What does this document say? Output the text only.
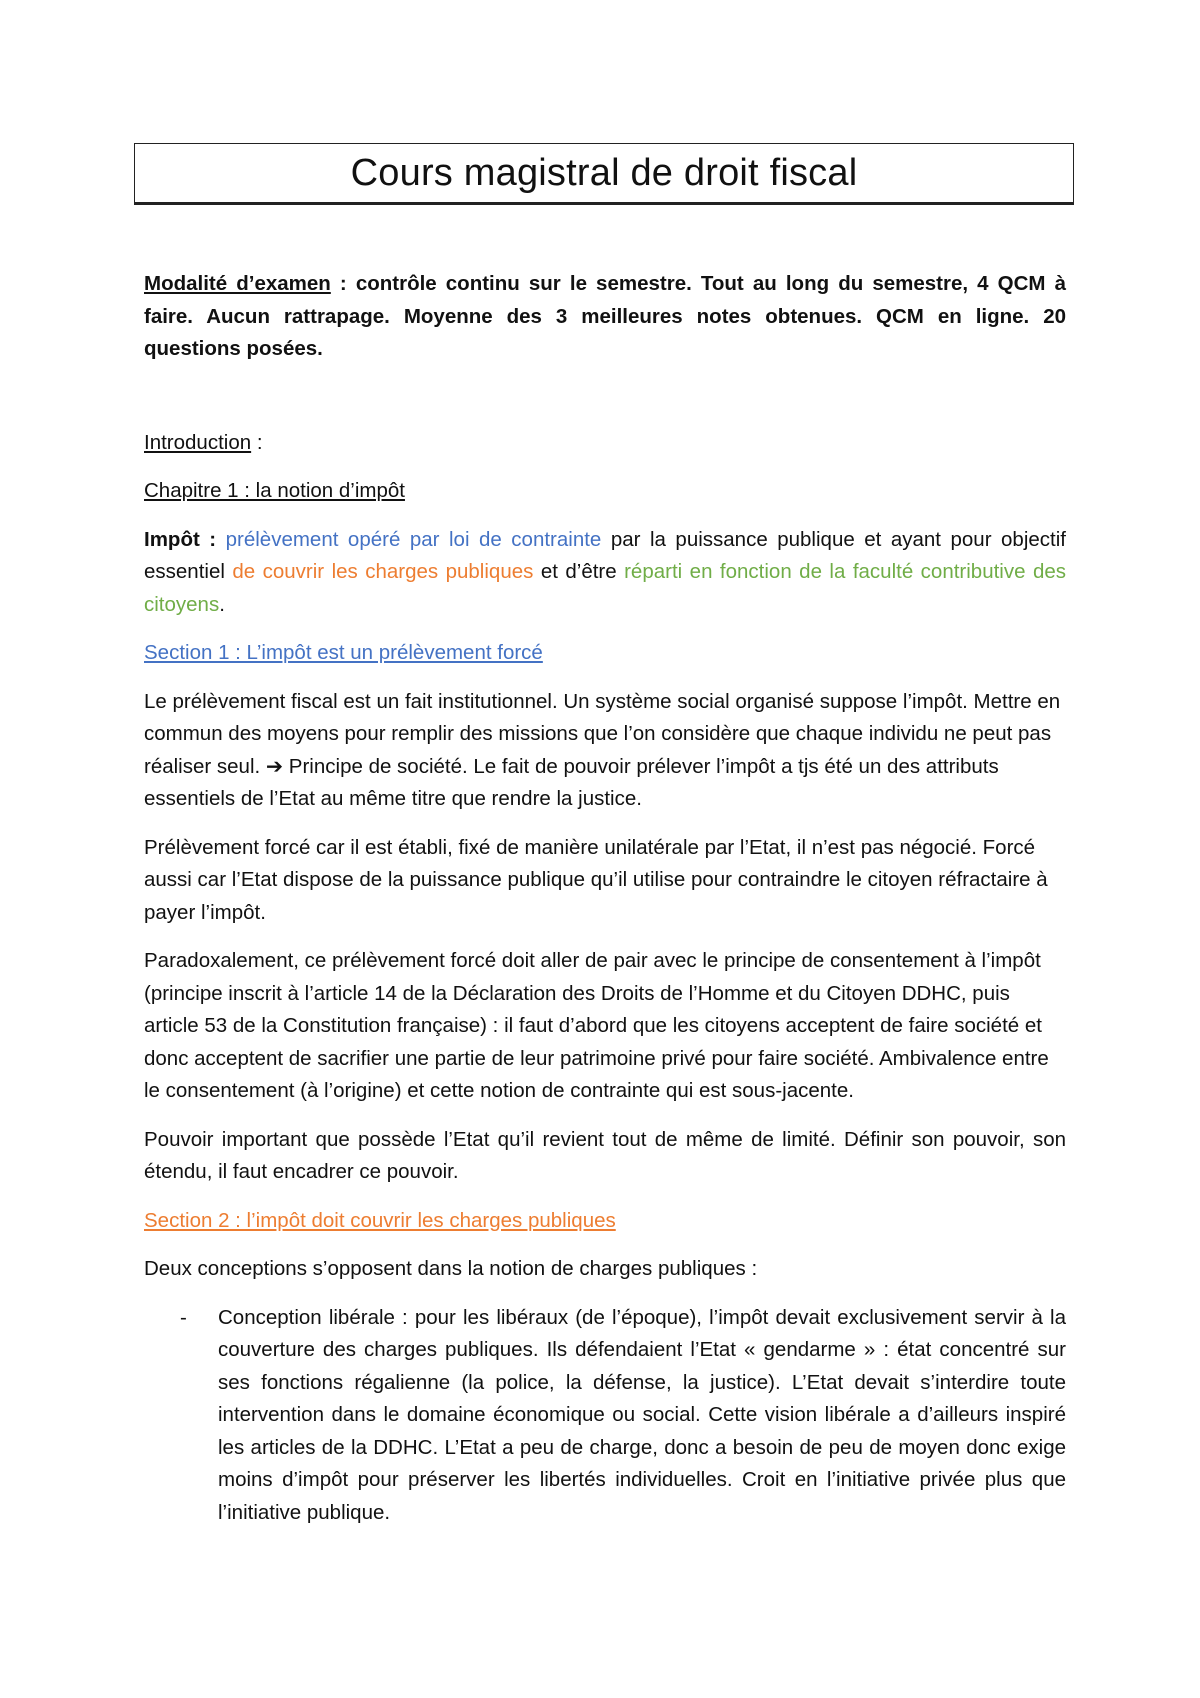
Cours magistral de droit fiscal

Modalité d’examen : contrôle continu sur le semestre. Tout au long du semestre, 4 QCM à faire. Aucun rattrapage. Moyenne des 3 meilleures notes obtenues. QCM en ligne. 20 questions posées.

Introduction :

Chapitre 1 : la notion d’impôt

Impôt : prélèvement opéré par loi de contrainte par la puissance publique et ayant pour objectif essentiel de couvrir les charges publiques et d’être réparti en fonction de la faculté contributive des citoyens.

Section 1 : L’impôt est un prélèvement forcé

Le prélèvement fiscal est un fait institutionnel. Un système social organisé suppose l’impôt. Mettre en commun des moyens pour remplir des missions que l’on considère que chaque individu ne peut pas réaliser seul. ➔ Principe de société. Le fait de pouvoir prélever l’impôt a tjs été un des attributs essentiels de l’Etat au même titre que rendre la justice.

Prélèvement forcé car il est établi, fixé de manière unilatérale par l’Etat, il n’est pas négocié. Forcé aussi car l’Etat dispose de la puissance publique qu’il utilise pour contraindre le citoyen réfractaire à payer l’impôt.

Paradoxalement, ce prélèvement forcé doit aller de pair avec le principe de consentement à l’impôt (principe inscrit à l’article 14 de la Déclaration des Droits de l’Homme et du Citoyen DDHC, puis article 53 de la Constitution française) : il faut d’abord que les citoyens acceptent de faire société et donc acceptent de sacrifier une partie de leur patrimoine privé pour faire société. Ambivalence entre le consentement (à l’origine) et cette notion de contrainte qui est sous-jacente.

Pouvoir important que possède l’Etat qu’il revient tout de même de limité. Définir son pouvoir, son étendu, il faut encadrer ce pouvoir.

Section 2 : l’impôt doit couvrir les charges publiques

Deux conceptions s’opposent dans la notion de charges publiques :

- Conception libérale : pour les libéraux (de l’époque), l’impôt devait exclusivement servir à la couverture des charges publiques. Ils défendaient l’Etat « gendarme » : état concentré sur ses fonctions régalienne (la police, la défense, la justice). L’Etat devait s’interdire toute intervention dans le domaine économique ou social. Cette vision libérale a d’ailleurs inspiré les articles de la DDHC. L’Etat a peu de charge, donc a besoin de peu de moyen donc exige moins d’impôt pour préserver les libertés individuelles. Croit en l’initiative privée plus que l’initiative publique.
